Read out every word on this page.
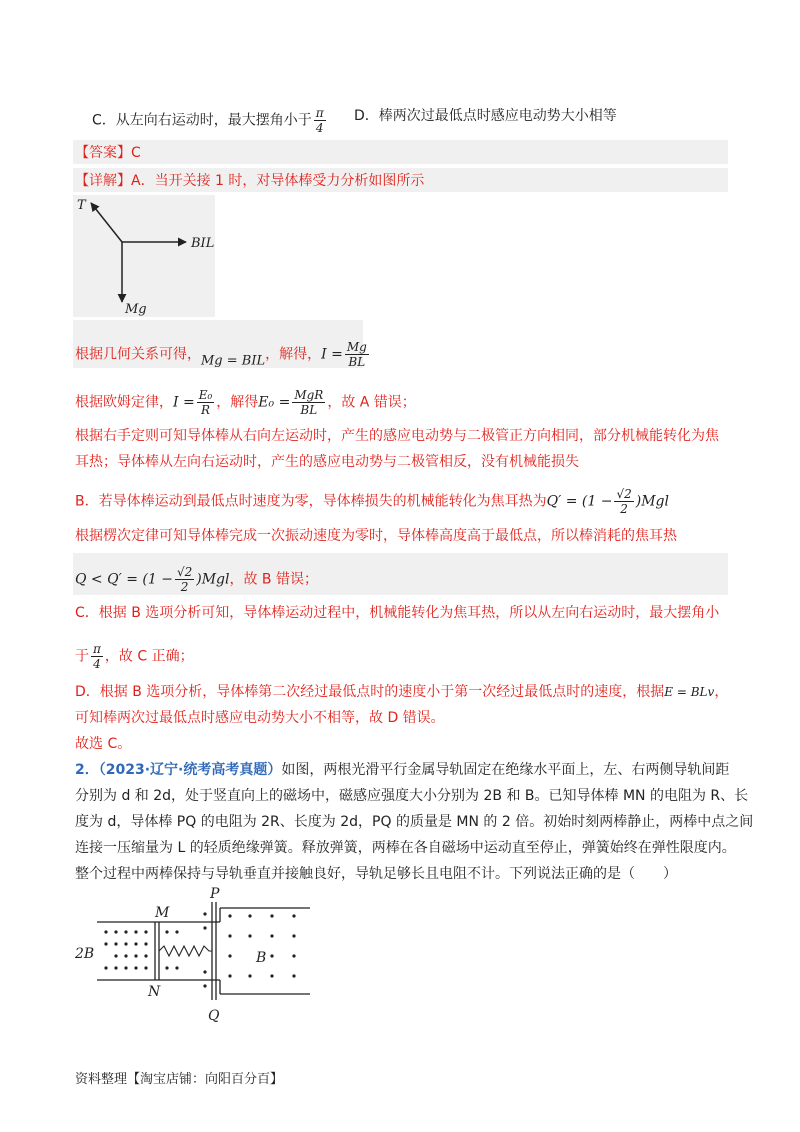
C．从左向右运动时，最大摆角小于 $\frac{\pi}{4}$ D．棒两次过最低点时感应电动势大小相等
【答案】C
【详解】A．当开关接 1 时，对导体棒受力分析如图所示
T
BIL
Mg
根据几何关系可得，Mg = BIL，解得，$I = \frac{Mg}{BL}$
根据欧姆定律，$I = \frac{\text{E₀}}{R}$ ，解得$E_0 = \frac{\text{MgR}}{BL}$ ，故 A 错误；
根据右手定则可知导体棒从右向左运动时，产生的感应电动势与二极管正方向相同，部分机械能转化为焦
耳热；导体棒从左向右运动时，产生的感应电动势与二极管相反，没有机械能损失
B．若导体棒运动到最低点时速度为零，导体棒损失的机械能转化为焦耳热为$Q' = (1 - \frac{√2}{2} )Mgl$
根据楞次定律可知导体棒完成一次振动速度为零时，导体棒高度高于最低点，所以棒消耗的焦耳热
$Q < Q' = (1 - \frac{√2}{2} )Mgl$，故 B 错误；
C．根据 B 选项分析可知，导体棒运动过程中，机械能转化为焦耳热，所以从左向右运动时，最大摆角小
于 $\frac{\pi}{4}$ ，故 C 正确；
D．根据 B 选项分析，导体棒第二次经过最低点时的速度小于第一次经过最低点时的速度，根据E = BLv，
可知棒两次过最低点时感应电动势大小不相等，故 D 错误。
故选 C。
2．（2023·辽宁·统考高考真题）如图，两根光滑平行金属导轨固定在绝缘水平面上，左、右两侧导轨间距
分别为 d 和 2d，处于竖直向上的磁场中，磁感应强度大小分别为 2B 和 B。已知导体棒 MN 的电阻为 R、长
度为 d，导体棒 PQ 的电阻为 2R、长度为 2d，PQ 的质量是 MN 的 2 倍。初始时刻两棒静止，两棒中点之间
连接一压缩量为 L 的轻质绝缘弹簧。释放弹簧，两棒在各自磁场中运动直至停止，弹簧始终在弹性限度内。
整个过程中两棒保持与导轨垂直并接触良好，导轨足够长且电阻不计。下列说法正确的是（　　）
M
N
P
Q
2B	B
资料整理【淘宝店铺：向阳百分百】
